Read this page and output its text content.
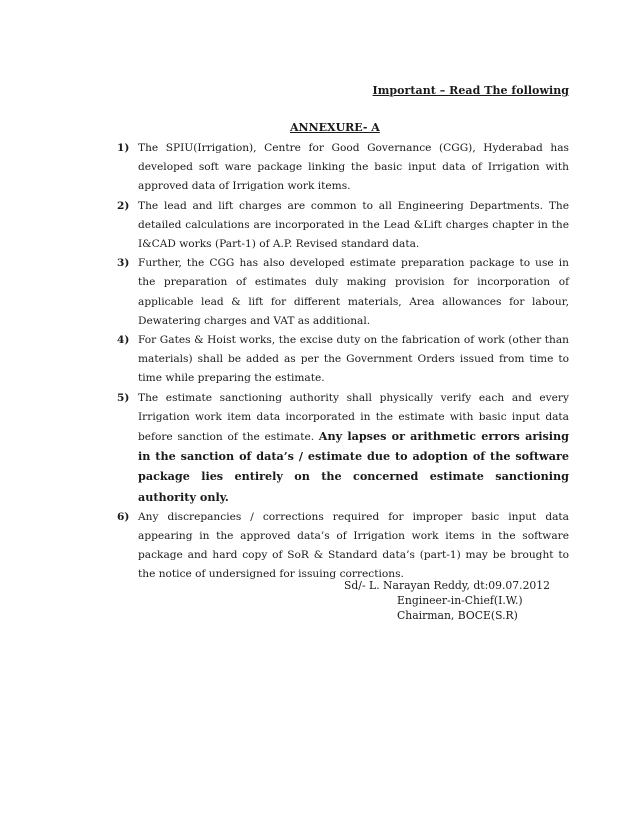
Important – Read The following
ANNEXURE- A
1) The SPIU(Irrigation), Centre for Good Governance (CGG), Hyderabad has developed soft ware package linking the basic input data of Irrigation with approved data of Irrigation work items.
2) The lead and lift charges are common to all Engineering Departments. The detailed calculations are incorporated in the Lead &Lift charges chapter in the I&CAD works (Part-1) of A.P. Revised standard data.
3) Further, the CGG has also developed estimate preparation package to use in the preparation of estimates duly making provision for incorporation of applicable lead & lift for different materials, Area allowances for labour, Dewatering charges and VAT as additional.
4) For Gates & Hoist works, the excise duty on the fabrication of work (other than materials) shall be added as per the Government Orders issued from time to time while preparing the estimate.
5) The estimate sanctioning authority shall physically verify each and every Irrigation work item data incorporated in the estimate with basic input data before sanction of the estimate. Any lapses or arithmetic errors arising in the sanction of data’s / estimate due to adoption of the software package lies entirely on the concerned estimate sanctioning authority only.
6) Any discrepancies / corrections required for improper basic input data appearing in the approved data’s of Irrigation work items in the software package and hard copy of SoR & Standard data’s (part-1) may be brought to the notice of undersigned for issuing corrections.
Sd/- L. Narayan Reddy, dt:09.07.2012
Engineer-in-Chief(I.W.)
Chairman, BOCE(S.R)
